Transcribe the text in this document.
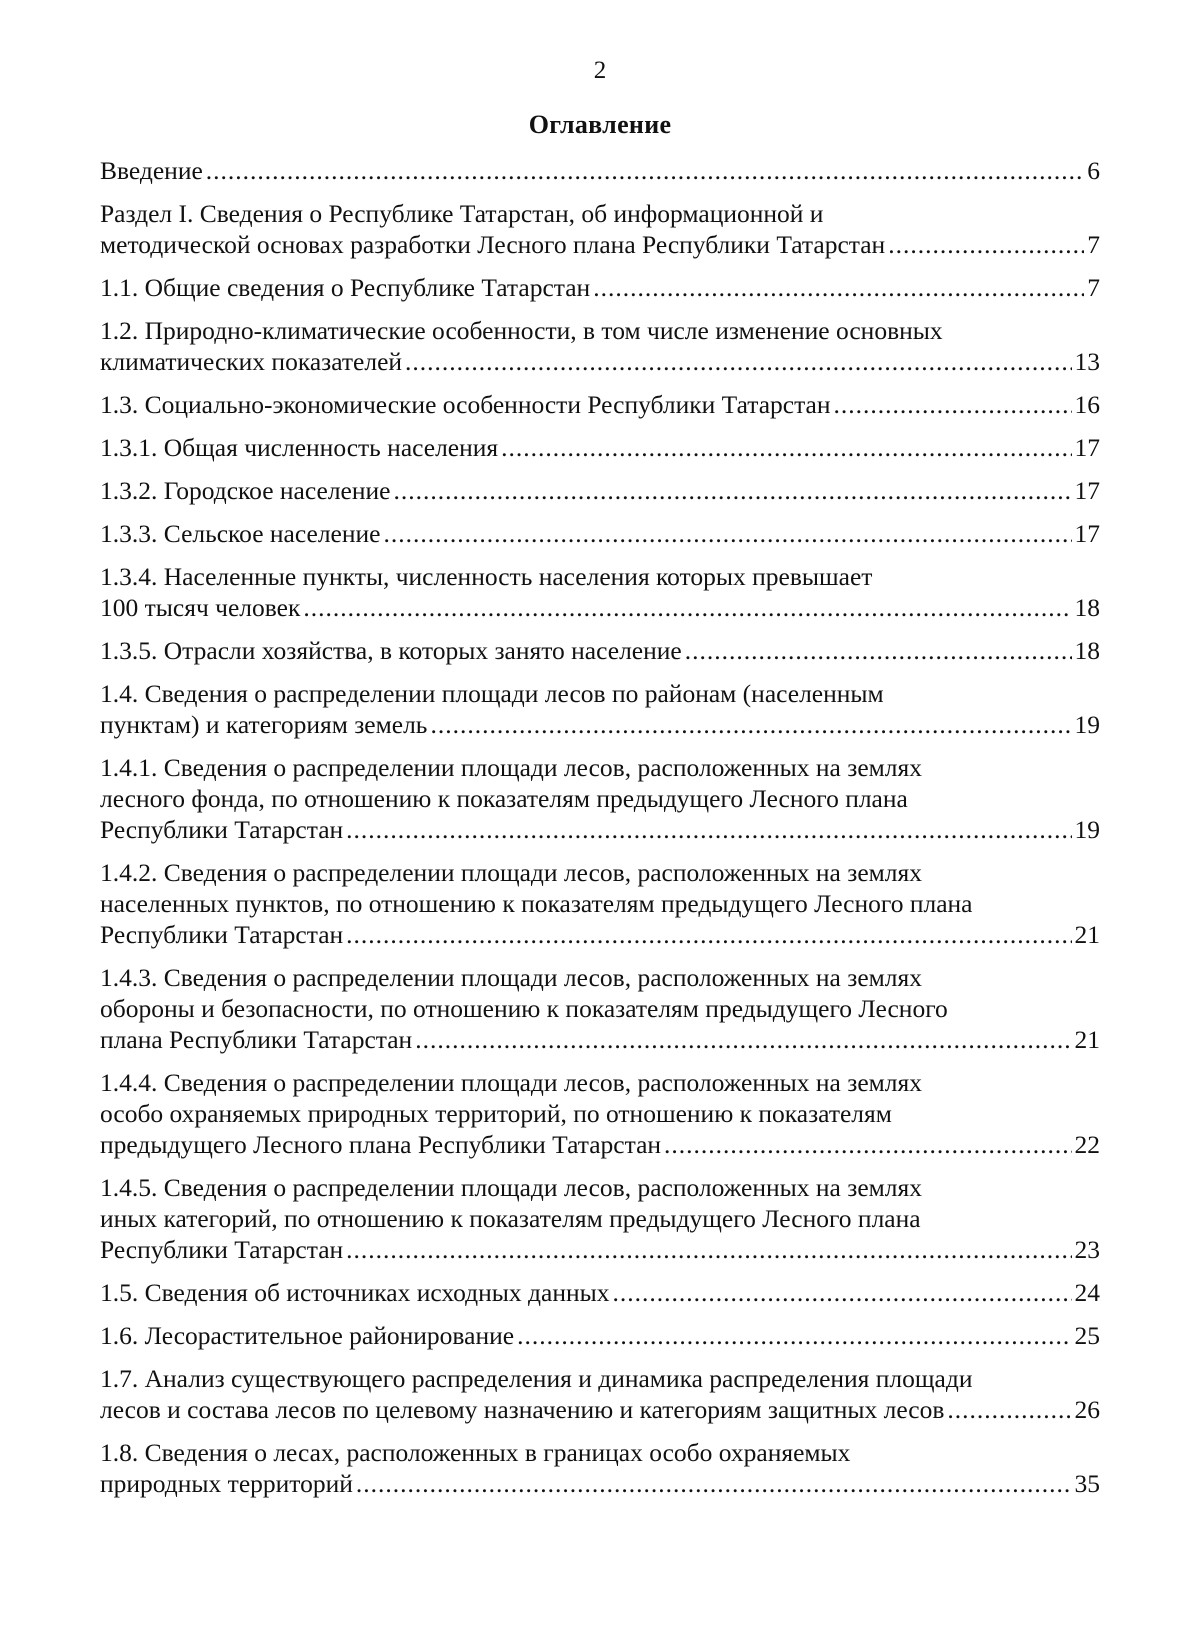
2
Оглавление
Введение .....	6
Раздел I. Сведения о Республике Татарстан, об информационной и
методической основах разработки Лесного плана Республики Татарстан .....	7
1.1. Общие сведения о Республике Татарстан .....	7
1.2. Природно-климатические особенности, в том числе изменение основных
климатических показателей .....	13
1.3. Социально-экономические особенности Республики Татарстан .....	16
1.3.1. Общая численность населения .....	17
1.3.2. Городское население .....	17
1.3.3. Сельское население .....	17
1.3.4. Населенные пункты, численность населения которых превышает
100 тысяч человек .....	18
1.3.5. Отрасли хозяйства, в которых занято население .....	18
1.4. Сведения о распределении площади лесов по районам (населенным
пунктам) и категориям земель .....	19
1.4.1. Сведения о распределении площади лесов, расположенных на землях
лесного фонда, по отношению к показателям предыдущего Лесного плана
Республики Татарстан .....	19
1.4.2. Сведения о распределении площади лесов, расположенных на землях
населенных пунктов, по отношению к показателям предыдущего Лесного плана
Республики Татарстан .....	21
1.4.3. Сведения о распределении площади лесов, расположенных на землях
обороны и безопасности, по отношению к показателям предыдущего Лесного
плана Республики Татарстан .....	21
1.4.4. Сведения о распределении площади лесов, расположенных на землях
особо охраняемых природных территорий, по отношению к показателям
предыдущего Лесного плана Республики Татарстан .....	22
1.4.5. Сведения о распределении площади лесов, расположенных на землях
иных категорий, по отношению к показателям предыдущего Лесного плана
Республики Татарстан .....	23
1.5. Сведения об источниках исходных данных .....	24
1.6. Лесорастительное районирование .....	25
1.7. Анализ существующего распределения и динамика распределения площади
лесов и состава лесов по целевому назначению и категориям защитных лесов .....	26
1.8. Сведения о лесах, расположенных в границах особо охраняемых
природных территорий .....	35
